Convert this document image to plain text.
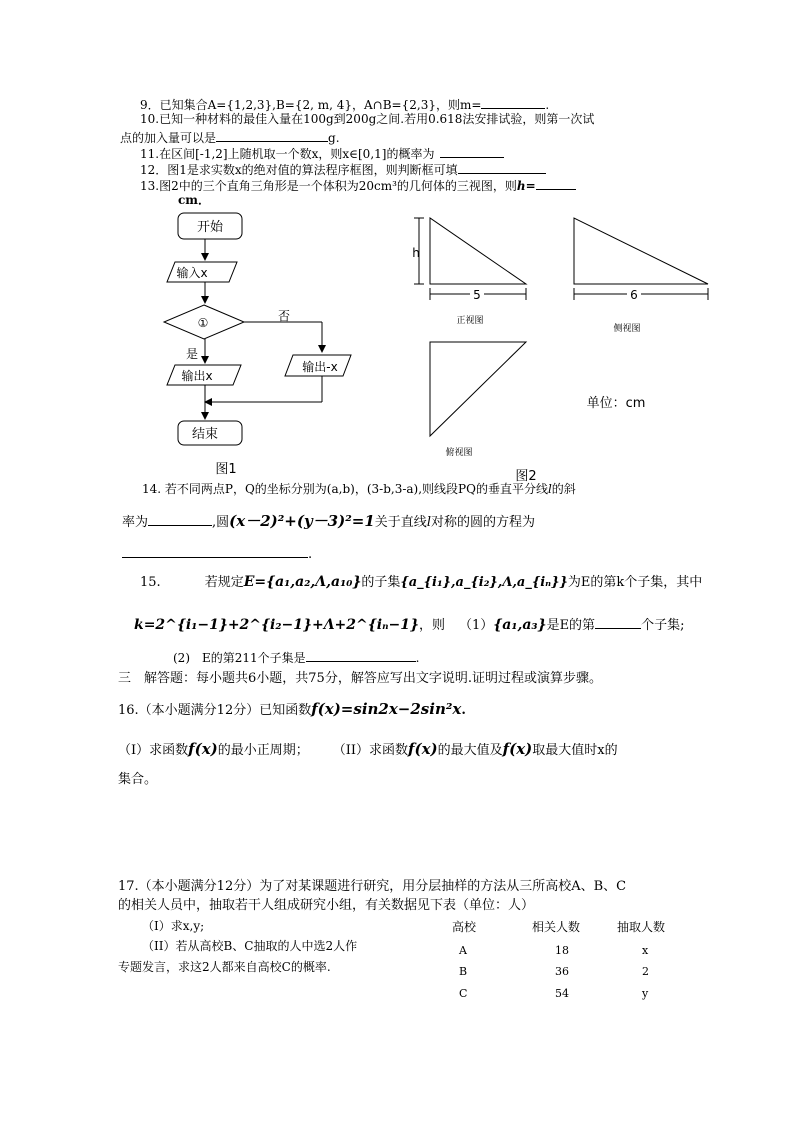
9．已知集合A={1,2,3},B={2, m, 4}，A∩B={2,3}，则m=	.
10.已知一种材料的最佳入量在100g到200g之间.若用0.618法安排试验，则第一次试
点的加入量可以是	g.
11.在区间[-1,2]上随机取一个数x，则x∈[0,1]的概率为
12．图1是求实数x的绝对值的算法程序框图，则判断框可填
13.图2中的三个直角三角形是一个体积为20cm³的几何体的三视图，则h=
cm．
开始
输入x
①	否
是
输出x
输出-x
结束
图1
h
5
正视图
6
侧视图
俯视图
单位：cm
图2
14. 若不同两点P，Q的坐标分别为(a,b)，(3-b,3-a),则线段PQ的垂直平分线l的斜
率为	,圆(x－2)²+(y－3)²=1关于直线l对称的圆的方程为
.
15.	若规定E={a₁,a₂,Λ,a₁₀}的子集{a_{i₁},a_{i₂},Λ,a_{iₙ}}为E的第k个子集，其中
k=2^{i₁−1}+2^{i₂−1}+Λ+2^{iₙ−1}，则 （1）{a₁,a₃}是E的第	个子集;
(2) E的第211个子集是	.
三　解答题：每小题共6小题，共75分，解答应写出文字说明.证明过程或演算步骤。
16.（本小题满分12分）已知函数f(x)=sin2x−2sin²x.
（I）求函数f(x)的最小正周期； （II）求函数f(x)的最大值及f(x)取最大值时x的
集合。
17.（本小题满分12分）为了对某课题进行研究，用分层抽样的方法从三所高校A、B、C
的相关人员中，抽取若干人组成研究小组，有关数据见下表（单位：人）
（I）求x,y;
（II）若从高校B、C抽取的人中选2人作
专题发言，求这2人都来自高校C的概率.
高校	相关人数	抽取人数
A	18	x
B	36	2
C	54	y
